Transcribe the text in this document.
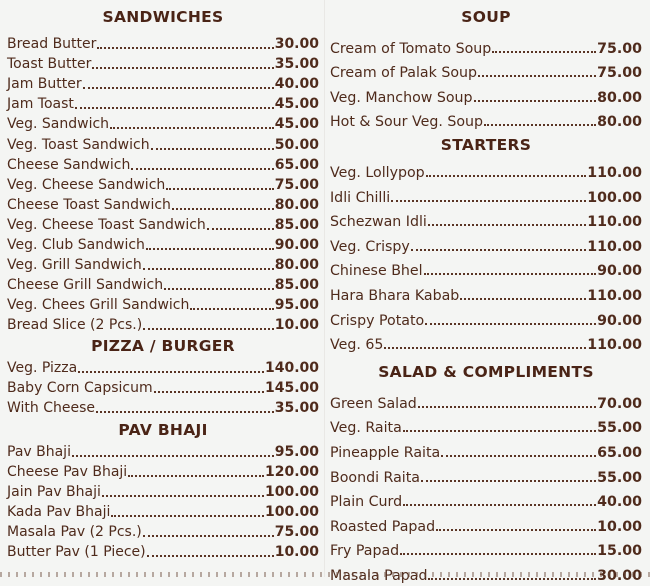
SANDWICHES
Bread Butter	30.00
Toast Butter	35.00
Jam Butter	40.00
Jam Toast	45.00
Veg. Sandwich	45.00
Veg. Toast Sandwich	50.00
Cheese Sandwich	65.00
Veg. Cheese Sandwich	75.00
Cheese Toast Sandwich	80.00
Veg. Cheese Toast Sandwich	85.00
Veg. Club Sandwich	90.00
Veg. Grill Sandwich	80.00
Cheese Grill Sandwich	85.00
Veg. Chees Grill Sandwich	95.00
Bread Slice (2 Pcs.)	10.00
PIZZA / BURGER
Veg. Pizza	140.00
Baby Corn Capsicum	145.00
With Cheese	35.00
PAV BHAJI
Pav Bhaji	95.00
Cheese Pav Bhaji	120.00
Jain Pav Bhaji	100.00
Kada Pav Bhaji	100.00
Masala Pav (2 Pcs.)	75.00
Butter Pav (1 Piece)	10.00
SOUP
Cream of Tomato Soup	75.00
Cream of Palak Soup	75.00
Veg. Manchow Soup	80.00
Hot & Sour Veg. Soup	80.00
STARTERS
Veg. Lollypop	110.00
Idli Chilli	100.00
Schezwan Idli	110.00
Veg. Crispy	110.00
Chinese Bhel	90.00
Hara Bhara Kabab	110.00
Crispy Potato	90.00
Veg. 65	110.00
SALAD & COMPLIMENTS
Green Salad	70.00
Veg. Raita	55.00
Pineapple Raita	65.00
Boondi Raita	55.00
Plain Curd	40.00
Roasted Papad	10.00
Fry Papad	15.00
Masala Papad	30.00
